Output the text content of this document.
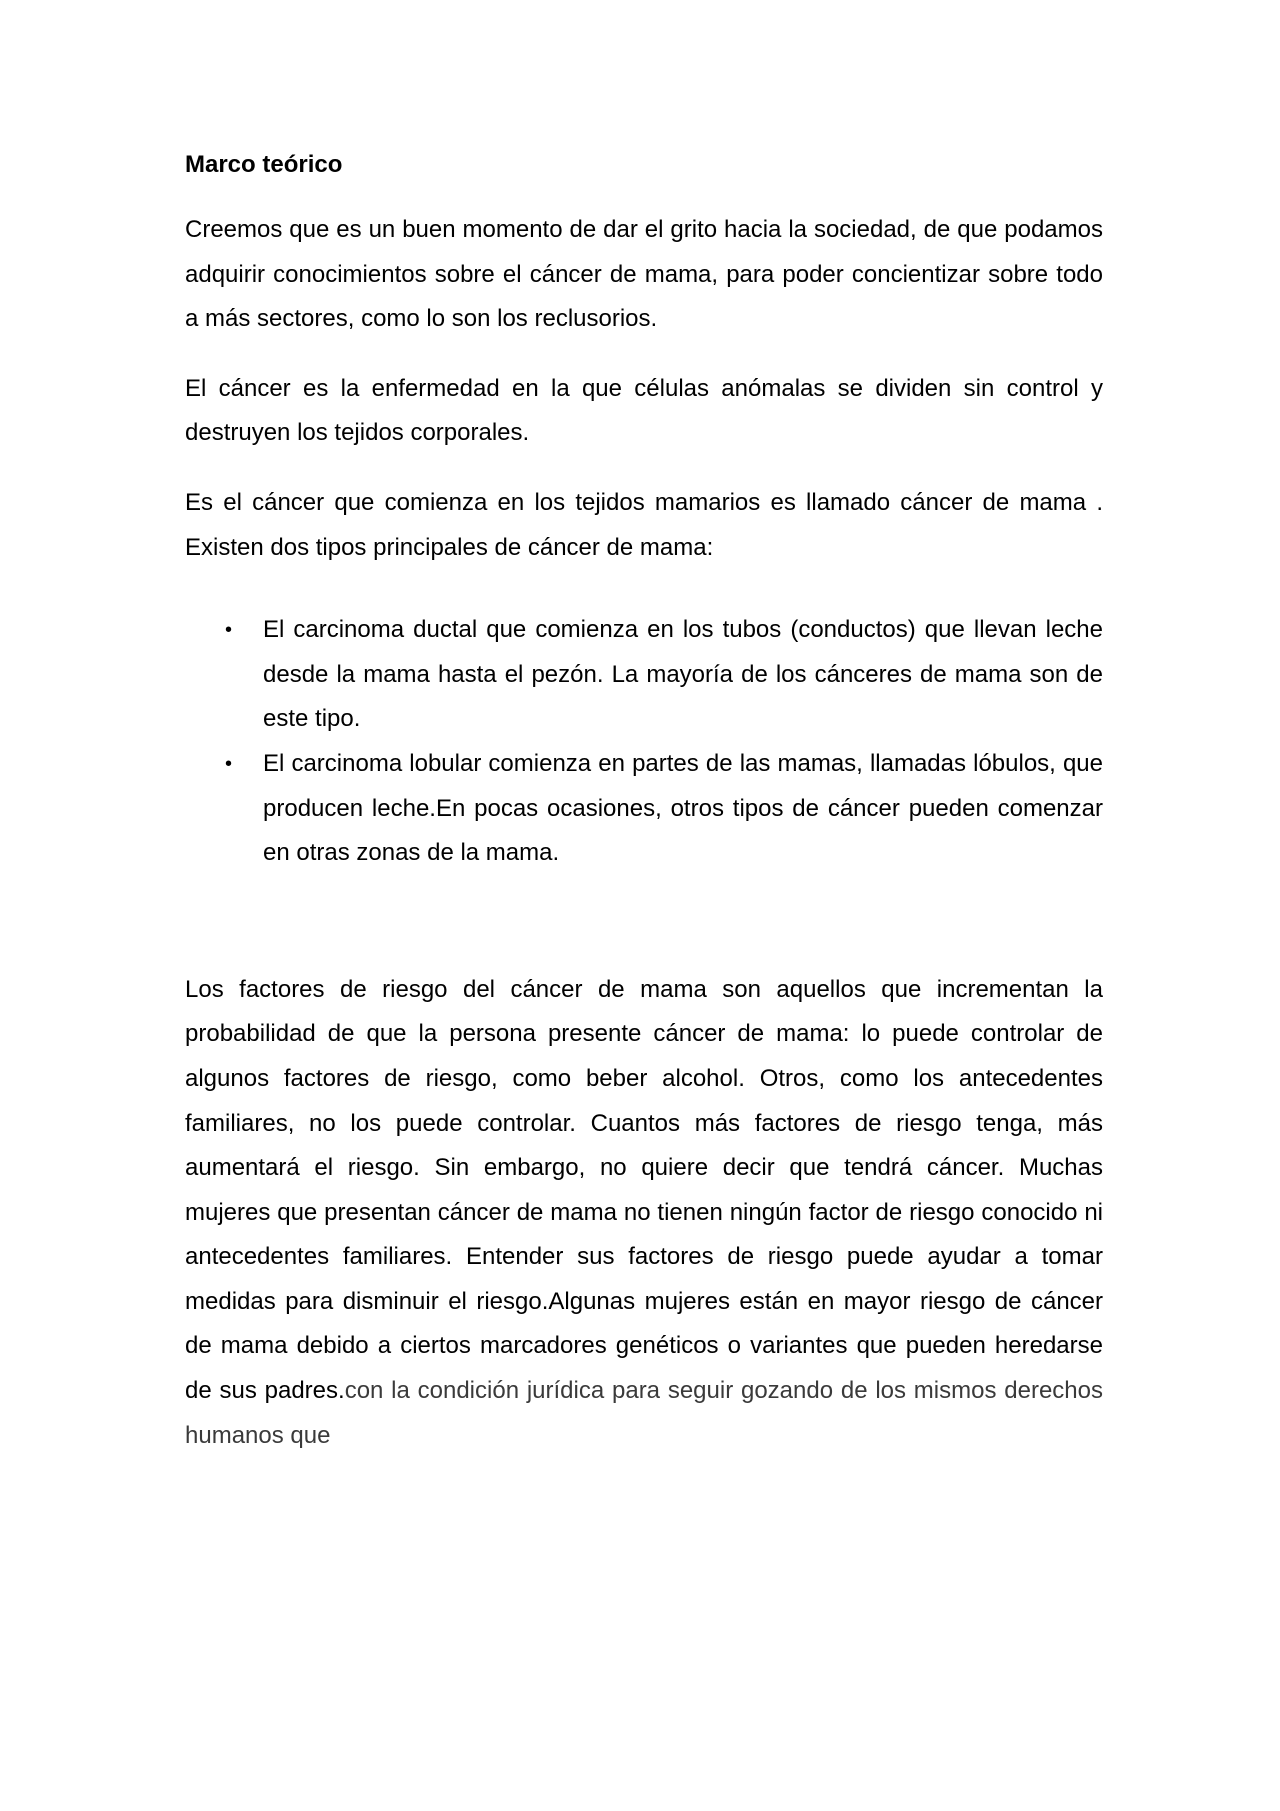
Marco teórico

Creemos que es un buen momento de dar el grito hacia la sociedad, de que podamos adquirir conocimientos sobre el cáncer de mama, para poder concientizar sobre todo a más sectores, como lo son los reclusorios.

El cáncer es la enfermedad en la que células anómalas se dividen sin control y destruyen los tejidos corporales.

Es el cáncer que comienza en los tejidos mamarios es llamado cáncer de mama . Existen dos tipos principales de cáncer de mama:

• El carcinoma ductal que comienza en los tubos (conductos) que llevan leche desde la mama hasta el pezón. La mayoría de los cánceres de mama son de este tipo.
• El carcinoma lobular comienza en partes de las mamas, llamadas lóbulos, que producen leche.En pocas ocasiones, otros tipos de cáncer pueden comenzar en otras zonas de la mama.

Los factores de riesgo del cáncer de mama son aquellos que incrementan la probabilidad de que la persona presente cáncer de mama: lo puede controlar de algunos factores de riesgo, como beber alcohol. Otros, como los antecedentes familiares, no los puede controlar. Cuantos más factores de riesgo tenga, más aumentará el riesgo. Sin embargo, no quiere decir que tendrá cáncer. Muchas mujeres que presentan cáncer de mama no tienen ningún factor de riesgo conocido ni antecedentes familiares. Entender sus factores de riesgo puede ayudar a tomar medidas para disminuir el riesgo.Algunas mujeres están en mayor riesgo de cáncer de mama debido a ciertos marcadores genéticos o variantes que pueden heredarse de sus padres.con la condición jurídica para seguir gozando de los mismos derechos humanos que
